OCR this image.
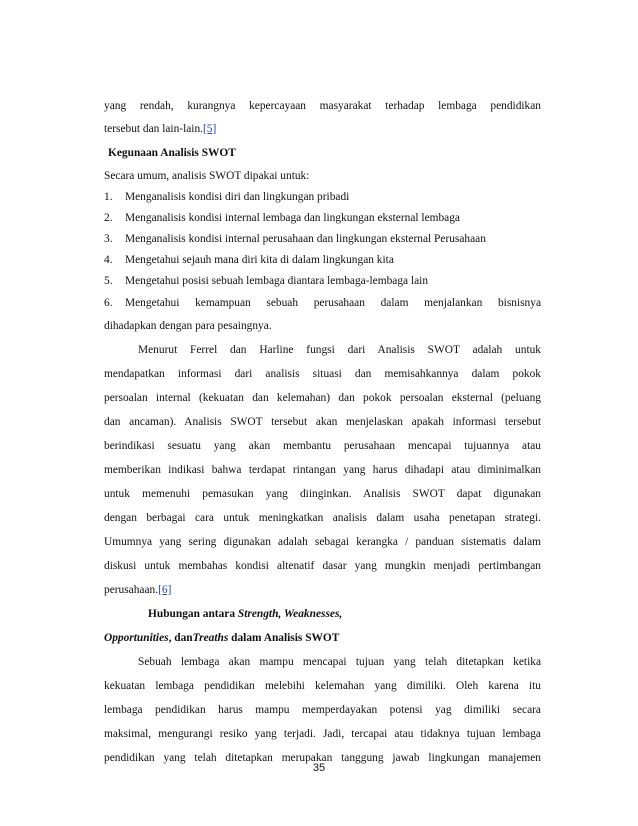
yang rendah, kurangnya kepercayaan masyarakat terhadap lembaga pendidikan
tersebut dan lain-lain.[5]
Kegunaan Analisis SWOT
Secara umum, analisis SWOT dipakai untuk:
1. Menganalisis kondisi diri dan lingkungan pribadi
2. Menganalisis kondisi internal lembaga dan lingkungan eksternal lembaga
3. Menganalisis kondisi internal perusahaan dan lingkungan eksternal Perusahaan
4. Mengetahui sejauh mana diri kita di dalam lingkungan kita
5. Mengetahui posisi sebuah lembaga diantara lembaga-lembaga lain
6. Mengetahui kemampuan sebuah perusahaan dalam menjalankan bisnisnya
dihadapkan dengan para pesaingnya.
Menurut Ferrel dan Harline fungsi dari Analisis SWOT adalah untuk
mendapatkan informasi dari analisis situasi dan memisahkannya dalam pokok
persoalan internal (kekuatan dan kelemahan) dan pokok persoalan eksternal (peluang
dan ancaman). Analisis SWOT tersebut akan menjelaskan apakah informasi tersebut
berindikasi sesuatu yang akan membantu perusahaan mencapai tujuannya atau
memberikan indikasi bahwa terdapat rintangan yang harus dihadapi atau diminimalkan
untuk memenuhi pemasukan yang diinginkan. Analisis SWOT dapat digunakan
dengan berbagai cara untuk meningkatkan analisis dalam usaha penetapan strategi.
Umumnya yang sering digunakan adalah sebagai kerangka / panduan sistematis dalam
diskusi untuk membahas kondisi altenatif dasar yang mungkin menjadi pertimbangan
perusahaan.[6]
Hubungan antara Strength, Weaknesses,
Opportunities, danTreaths dalam Analisis SWOT
Sebuah lembaga akan mampu mencapai tujuan yang telah ditetapkan ketika
kekuatan lembaga pendidikan melebihi kelemahan yang dimiliki. Oleh karena itu
lembaga pendidikan harus mampu memperdayakan potensi yag dimiliki secara
maksimal, mengurangi resiko yang terjadi. Jadi, tercapai atau tidaknya tujuan lembaga
pendidikan yang telah ditetapkan merupakan tanggung jawab lingkungan manajemen
35
